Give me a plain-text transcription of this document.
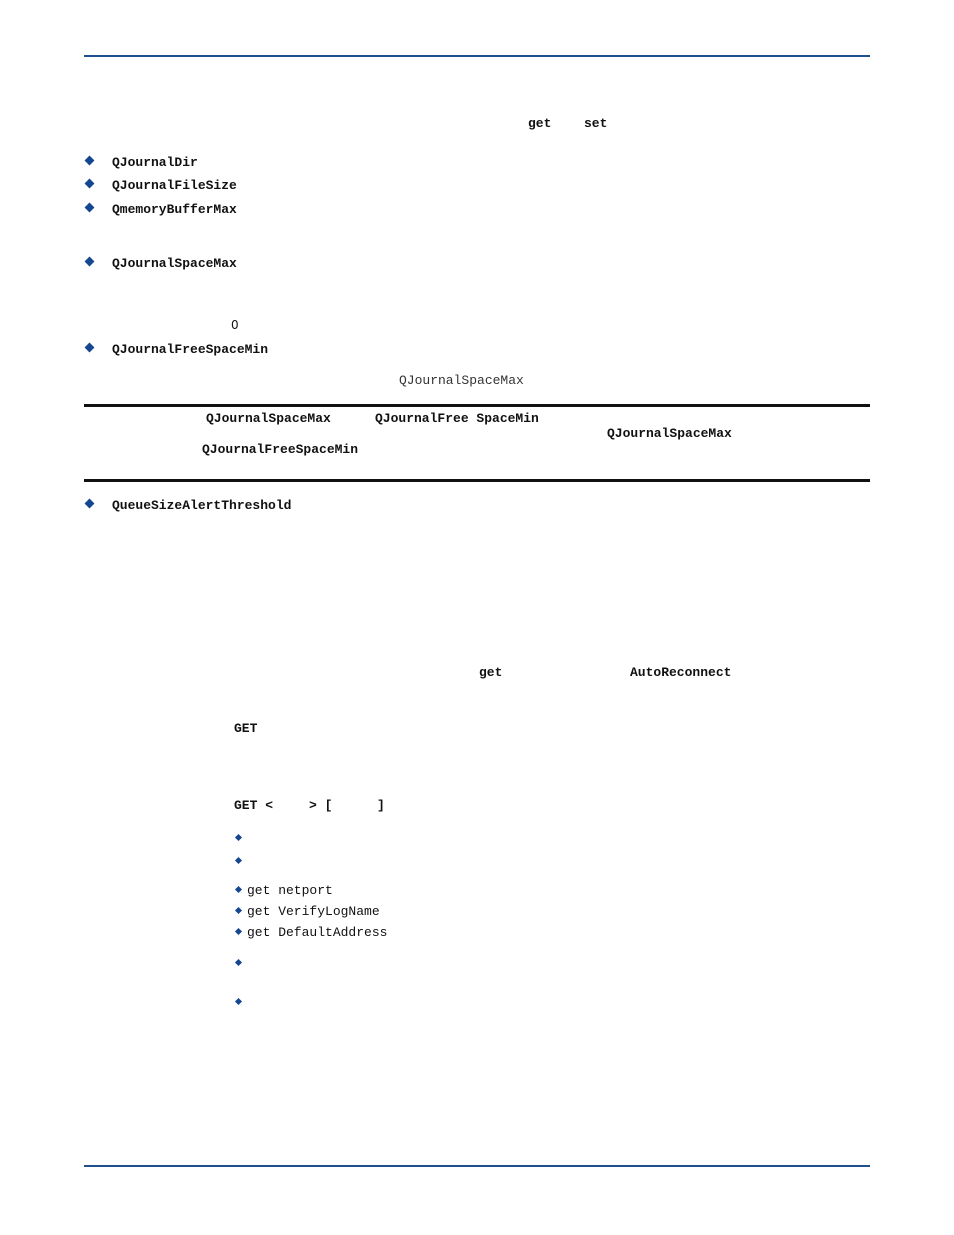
get	set
QJournalDir
QJournalFileSize
QmemoryBufferMax
QJournalSpaceMax
0
QJournalFreeSpaceMin
QJournalSpaceMax
QJournalSpaceMax	QJournalFree SpaceMin
QJournalSpaceMax
QJournalFreeSpaceMin
QueueSizeAlertThreshold
get	AutoReconnect
GET
GET <	> [	]
get netport
get VerifyLogName
get DefaultAddress
